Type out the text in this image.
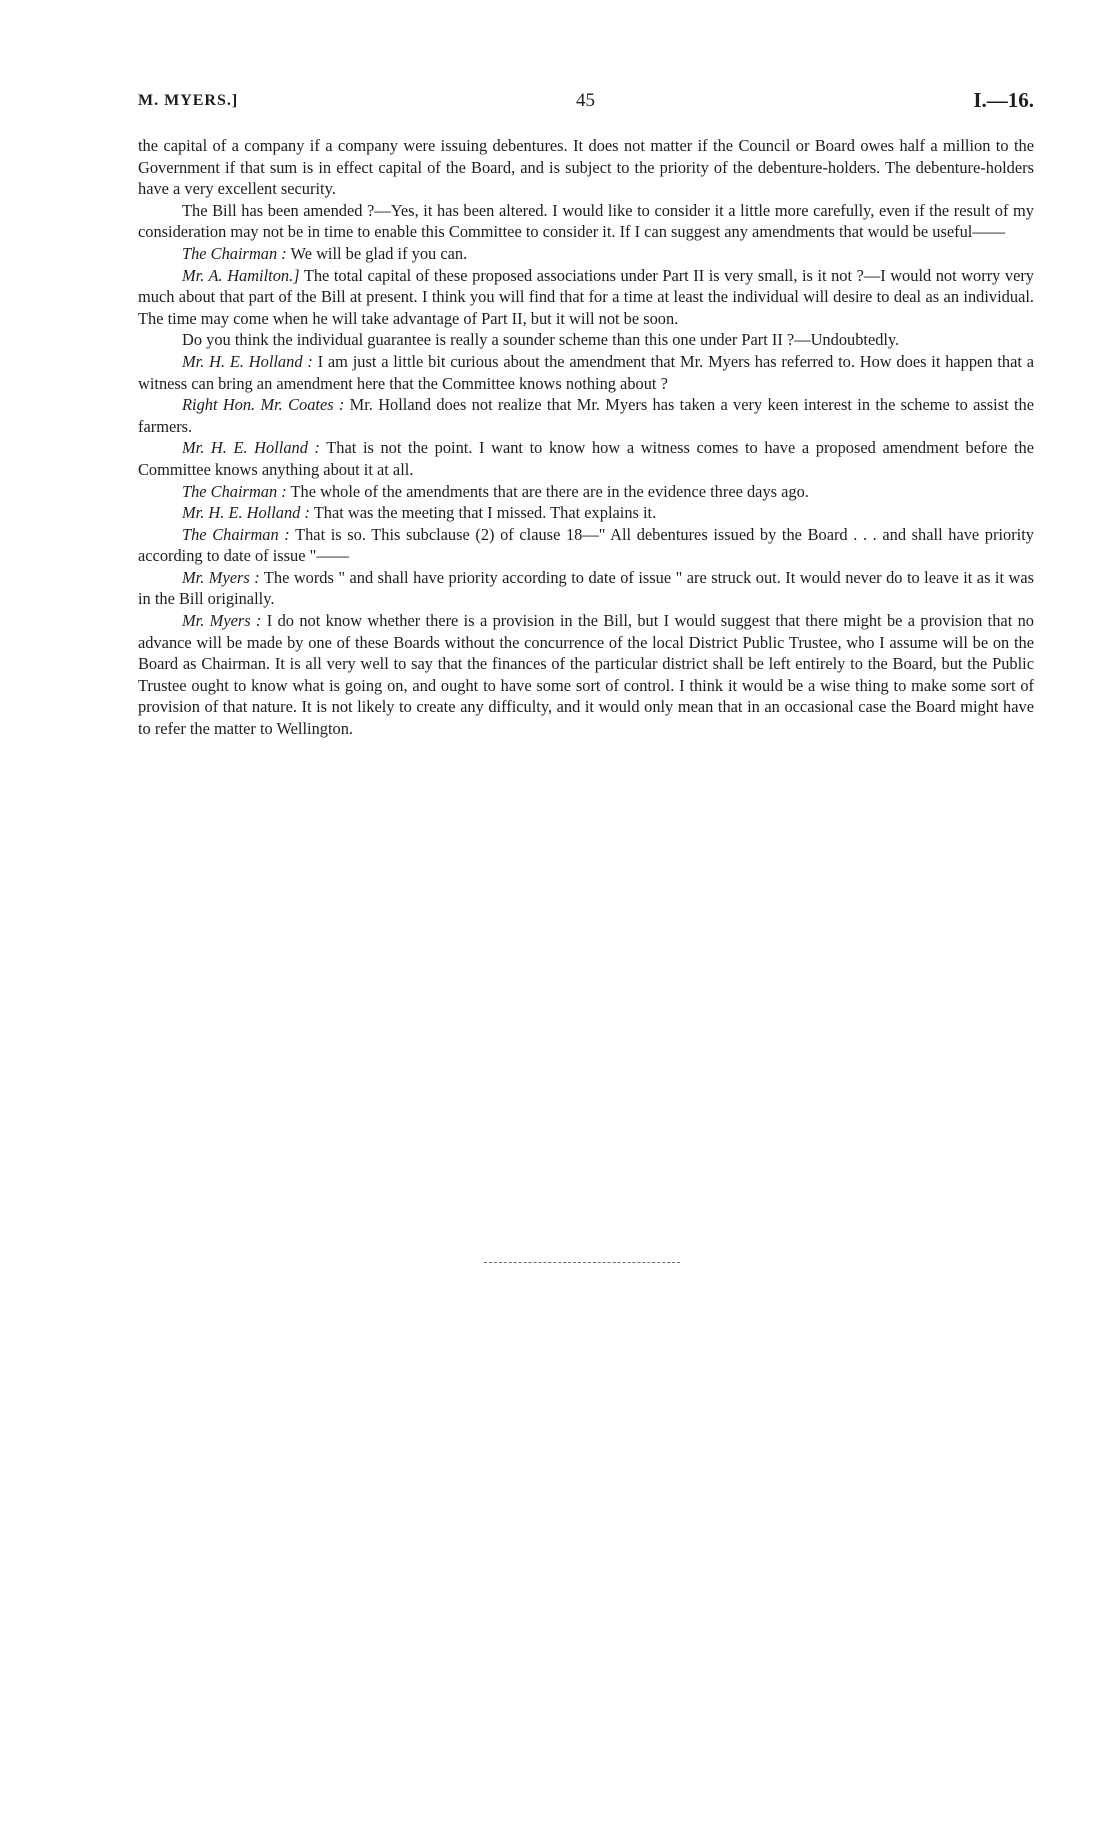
M. MYERS.]	45	I.—16.

the capital of a company if a company were issuing debentures. It does not matter if the Council or Board owes half a million to the Government if that sum is in effect capital of the Board, and is subject to the priority of the debenture-holders. The debenture-holders have a very excellent security.

The Bill has been amended ?—Yes, it has been altered. I would like to consider it a little more carefully, even if the result of my consideration may not be in time to enable this Committee to consider it. If I can suggest any amendments that would be useful——

The Chairman : We will be glad if you can.

Mr. A. Hamilton.] The total capital of these proposed associations under Part II is very small, is it not ?—I would not worry very much about that part of the Bill at present. I think you will find that for a time at least the individual will desire to deal as an individual. The time may come when he will take advantage of Part II, but it will not be soon.

Do you think the individual guarantee is really a sounder scheme than this one under Part II ?—Undoubtedly.

Mr. H. E. Holland : I am just a little bit curious about the amendment that Mr. Myers has referred to. How does it happen that a witness can bring an amendment here that the Committee knows nothing about ?

Right Hon. Mr. Coates : Mr. Holland does not realize that Mr. Myers has taken a very keen interest in the scheme to assist the farmers.

Mr. H. E. Holland : That is not the point. I want to know how a witness comes to have a proposed amendment before the Committee knows anything about it at all.

The Chairman : The whole of the amendments that are there are in the evidence three days ago.

Mr. H. E. Holland : That was the meeting that I missed. That explains it.

The Chairman : That is so. This subclause (2) of clause 18—" All debentures issued by the Board . . . and shall have priority according to date of issue "——

Mr. Myers : The words " and shall have priority according to date of issue " are struck out. It would never do to leave it as it was in the Bill originally.

Mr. Myers : I do not know whether there is a provision in the Bill, but I would suggest that there might be a provision that no advance will be made by one of these Boards without the concurrence of the local District Public Trustee, who I assume will be on the Board as Chairman. It is all very well to say that the finances of the particular district shall be left entirely to the Board, but the Public Trustee ought to know what is going on, and ought to have some sort of control. I think it would be a wise thing to make some sort of provision of that nature. It is not likely to create any difficulty, and it would only mean that in an occasional case the Board might have to refer the matter to Wellington.
